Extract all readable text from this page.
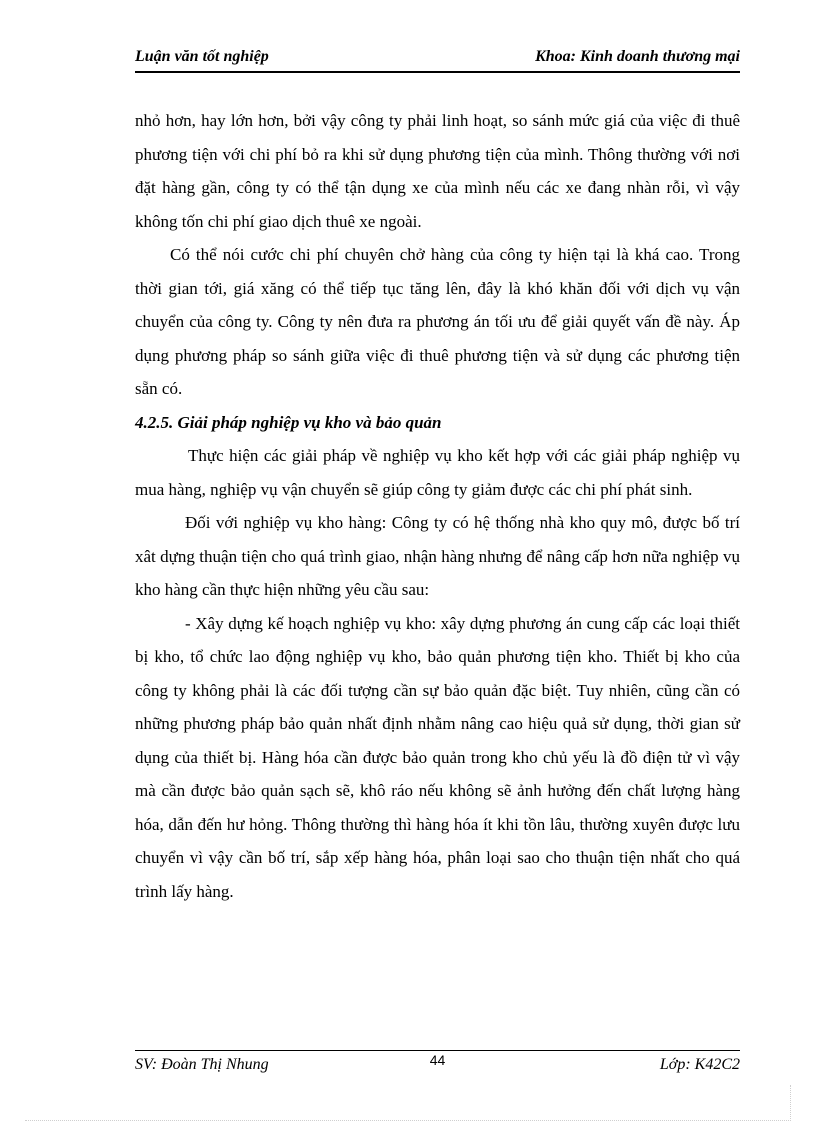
Luận văn tốt nghiệp	Khoa: Kinh doanh thương mại

nhỏ hơn, hay lớn hơn, bởi vậy công ty phải linh hoạt, so sánh mức giá của việc đi thuê phương tiện với chi phí bỏ ra khi sử dụng phương tiện của mình. Thông thường với nơi đặt hàng gần, công ty có thể tận dụng xe của mình nếu các xe đang nhàn rỗi, vì vậy không tốn chi phí giao dịch thuê xe ngoài.

Có thể nói cước chi phí chuyên chở hàng của công ty hiện tại là khá cao. Trong thời gian tới, giá xăng có thể tiếp tục tăng lên, đây là khó khăn đối với dịch vụ vận chuyển của công ty. Công ty nên đưa ra phương án tối ưu để giải quyết vấn đề này. Áp dụng phương pháp so sánh giữa việc đi thuê phương tiện và sử dụng các phương tiện sẵn có.

4.2.5. Giải pháp nghiệp vụ kho và bảo quản

Thực hiện các giải pháp về nghiệp vụ kho kết hợp với các giải pháp nghiệp vụ mua hàng, nghiệp vụ vận chuyển sẽ giúp công ty giảm được các chi phí phát sinh.

Đối với nghiệp vụ kho hàng: Công ty có hệ thống nhà kho quy mô, được bố trí xât dựng thuận tiện cho quá trình giao, nhận hàng nhưng để nâng cấp hơn nữa nghiệp vụ kho hàng cần thực hiện những yêu cầu sau:

- Xây dựng kế hoạch nghiệp vụ kho: xây dựng phương án cung cấp các loại thiết bị kho, tổ chức lao động nghiệp vụ kho, bảo quản phương tiện kho. Thiết bị kho của công ty không phải là các đối tượng cần sự bảo quản đặc biệt. Tuy nhiên, cũng cần có những phương pháp bảo quản nhất định nhằm nâng cao hiệu quả sử dụng, thời gian sử dụng của thiết bị. Hàng hóa cần được bảo quản trong kho chủ yếu là đồ điện tử vì vậy mà cần được bảo quản sạch sẽ, khô ráo nếu không sẽ ảnh hưởng đến chất lượng hàng hóa, dẫn đến hư hỏng. Thông thường thì hàng hóa ít khi tồn lâu, thường xuyên được lưu chuyển vì vậy cần bố trí, sắp xếp hàng hóa, phân loại sao cho thuận tiện nhất cho quá trình lấy hàng.

SV: Đoàn Thị Nhung	44	Lớp: K42C2
